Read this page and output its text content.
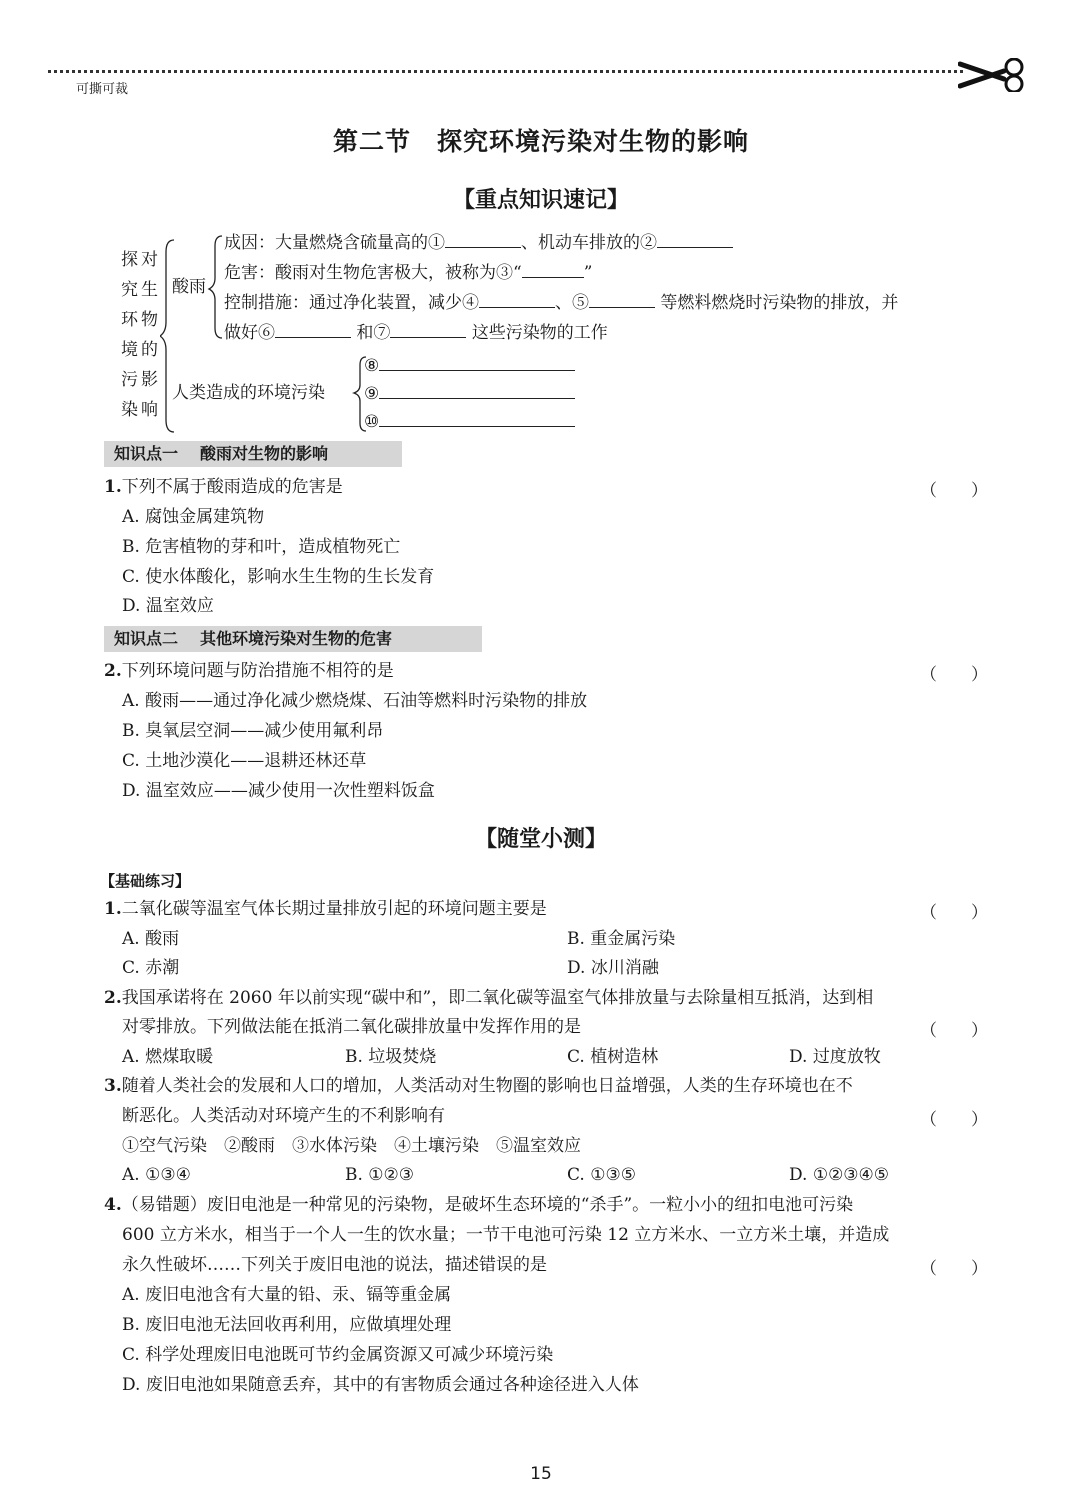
可撕可裁
第二节 探究环境污染对生物的影响
【重点知识速记】
探
究
环
境
污
染
对
生
物
的
影
响
酸雨
成因：大量燃烧含硫量高的①	、机动车排放的②
危害：酸雨对生物危害极大，被称为③“	”
控制措施：通过净化装置，减少④	、⑤	等燃料燃烧时污染物的排放，并
做好⑥	和⑦	这些污染物的工作
人类造成的环境污染
⑧
⑨
⑩
知识点一 酸雨对生物的影响
1.下列不属于酸雨造成的危害是	（　　）
A. 腐蚀金属建筑物
B. 危害植物的芽和叶，造成植物死亡
C. 使水体酸化，影响水生生物的生长发育
D. 温室效应
知识点二 其他环境污染对生物的危害
2.下列环境问题与防治措施不相符的是	（　　）
A. 酸雨——通过净化减少燃烧煤、石油等燃料时污染物的排放
B. 臭氧层空洞——减少使用氟利昂
C. 土地沙漠化——退耕还林还草
D. 温室效应——减少使用一次性塑料饭盒
【随堂小测】
【基础练习】
1.二氧化碳等温室气体长期过量排放引起的环境问题主要是	（　　）
A. 酸雨	B. 重金属污染
C. 赤潮	D. 冰川消融
2.我国承诺将在 2060 年以前实现“碳中和”，即二氧化碳等温室气体排放量与去除量相互抵消，达到相
对零排放。下列做法能在抵消二氧化碳排放量中发挥作用的是	（　　）
A. 燃煤取暖	B. 垃圾焚烧	C. 植树造林	D. 过度放牧
3.随着人类社会的发展和人口的增加，人类活动对生物圈的影响也日益增强，人类的生存环境也在不
断恶化。人类活动对环境产生的不利影响有	（　　）
①空气污染　②酸雨　③水体污染　④土壤污染　⑤温室效应
A. ①③④	B. ①②③	C. ①③⑤	D. ①②③④⑤
4.（易错题）废旧电池是一种常见的污染物，是破坏生态环境的“杀手”。一粒小小的纽扣电池可污染
600 立方米水，相当于一个人一生的饮水量；一节干电池可污染 12 立方米水、一立方米土壤，并造成
永久性破坏……下列关于废旧电池的说法，描述错误的是	（　　）
A. 废旧电池含有大量的铅、汞、镉等重金属
B. 废旧电池无法回收再利用，应做填埋处理
C. 科学处理废旧电池既可节约金属资源又可减少环境污染
D. 废旧电池如果随意丢弃，其中的有害物质会通过各种途径进入人体
15
